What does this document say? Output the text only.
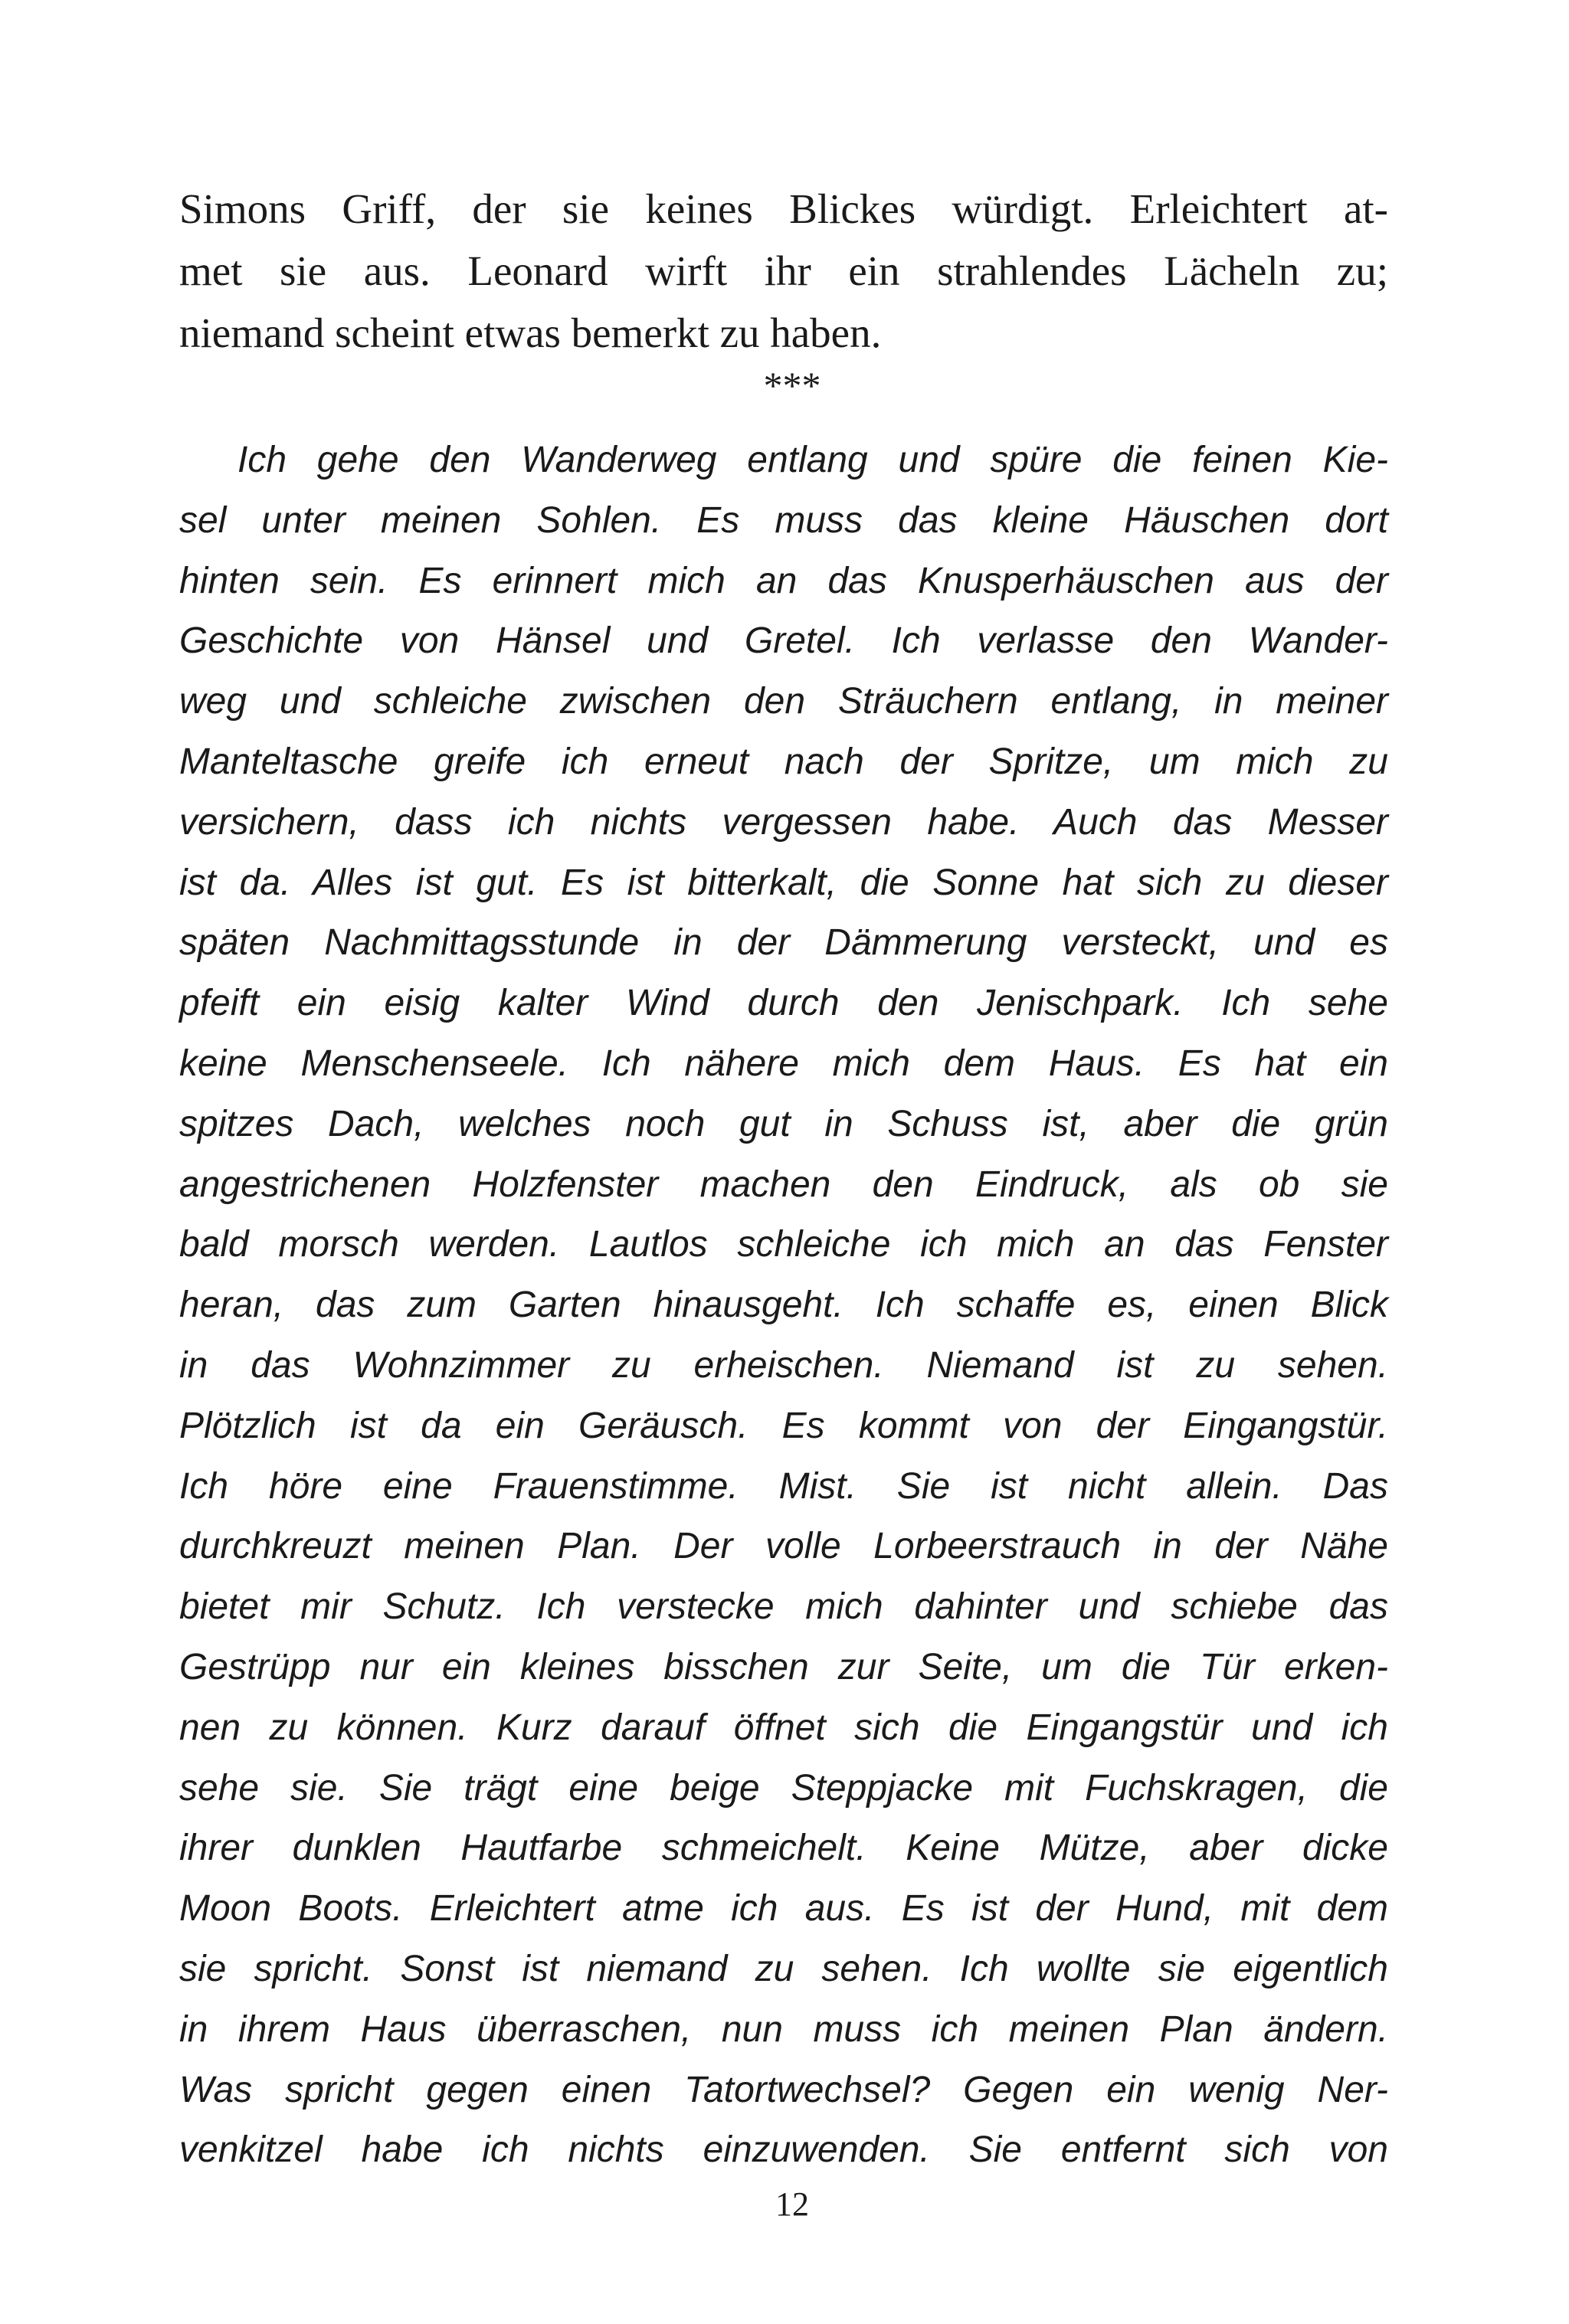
Simons Griff, der sie keines Blickes würdigt. Erleichtert at-
met sie aus. Leonard wirft ihr ein strahlendes Lächeln zu;
niemand scheint etwas bemerkt zu haben.
***
Ich gehe den Wanderweg entlang und spüre die feinen Kie-
sel unter meinen Sohlen. Es muss das kleine Häuschen dort
hinten sein. Es erinnert mich an das Knusperhäuschen aus der
Geschichte von Hänsel und Gretel. Ich verlasse den Wander-
weg und schleiche zwischen den Sträuchern entlang, in meiner
Manteltasche greife ich erneut nach der Spritze, um mich zu
versichern, dass ich nichts vergessen habe. Auch das Messer
ist da. Alles ist gut. Es ist bitterkalt, die Sonne hat sich zu dieser
späten Nachmittagsstunde in der Dämmerung versteckt, und es
pfeift ein eisig kalter Wind durch den Jenischpark. Ich sehe
keine Menschenseele. Ich nähere mich dem Haus. Es hat ein
spitzes Dach, welches noch gut in Schuss ist, aber die grün
angestrichenen Holzfenster machen den Eindruck, als ob sie
bald morsch werden. Lautlos schleiche ich mich an das Fenster
heran, das zum Garten hinausgeht. Ich schaffe es, einen Blick
in das Wohnzimmer zu erheischen. Niemand ist zu sehen.
Plötzlich ist da ein Geräusch. Es kommt von der Eingangstür.
Ich höre eine Frauenstimme. Mist. Sie ist nicht allein. Das
durchkreuzt meinen Plan. Der volle Lorbeerstrauch in der Nähe
bietet mir Schutz. Ich verstecke mich dahinter und schiebe das
Gestrüpp nur ein kleines bisschen zur Seite, um die Tür erken-
nen zu können. Kurz darauf öffnet sich die Eingangstür und ich
sehe sie. Sie trägt eine beige Steppjacke mit Fuchskragen, die
ihrer dunklen Hautfarbe schmeichelt. Keine Mütze, aber dicke
Moon Boots. Erleichtert atme ich aus. Es ist der Hund, mit dem
sie spricht. Sonst ist niemand zu sehen. Ich wollte sie eigentlich
in ihrem Haus überraschen, nun muss ich meinen Plan ändern.
Was spricht gegen einen Tatortwechsel? Gegen ein wenig Ner-
venkitzel habe ich nichts einzuwenden. Sie entfernt sich von
12
